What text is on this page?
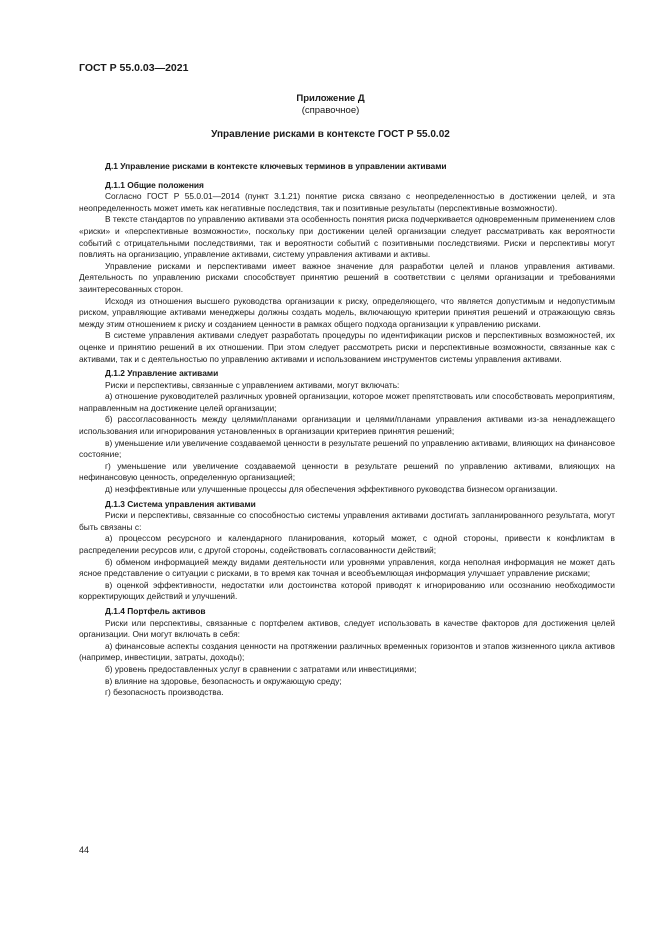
ГОСТ Р 55.0.03—2021
Приложение Д
(справочное)
Управление рисками в контексте ГОСТ Р 55.0.02

Д.1 Управление рисками в контексте ключевых терминов в управлении активами

Д.1.1 Общие положения

Согласно ГОСТ Р 55.0.01—2014 (пункт 3.1.21) понятие риска связано с неопределенностью в достижении целей, и эта неопределенность может иметь как негативные последствия, так и позитивные результаты (перспективные возможности).

В тексте стандартов по управлению активами эта особенность понятия риска подчеркивается одновременным применением слов «риски» и «перспективные возможности», поскольку при достижении целей организации следует рассматривать как вероятности событий с отрицательными последствиями, так и вероятности событий с позитивными последствиями. Риски и перспективы могут повлиять на организацию, управление активами, систему управления активами и активы.

Управление рисками и перспективами имеет важное значение для разработки целей и планов управления активами. Деятельность по управлению рисками способствует принятию решений в соответствии с целями организации и требованиями заинтересованных сторон.

Исходя из отношения высшего руководства организации к риску, определяющего, что является допустимым и недопустимым риском, управляющие активами менеджеры должны создать модель, включающую критерии принятия решений и отражающую связь между этим отношением к риску и созданием ценности в рамках общего подхода организации к управлению рисками.

В системе управления активами следует разработать процедуры по идентификации рисков и перспективных возможностей, их оценке и принятию решений в их отношении. При этом следует рассмотреть риски и перспективные возможности, связанные как с активами, так и с деятельностью по управлению активами и использованием инструментов системы управления активами.

Д.1.2 Управление активами

Риски и перспективы, связанные с управлением активами, могут включать:

а) отношение руководителей различных уровней организации, которое может препятствовать или способствовать мероприятиям, направленным на достижение целей организации;

б) рассогласованность между целями/планами организации и целями/планами управления активами из-за ненадлежащего использования или игнорирования установленных в организации критериев принятия решений;

в) уменьшение или увеличение создаваемой ценности в результате решений по управлению активами, влияющих на финансовое состояние;

г) уменьшение или увеличение создаваемой ценности в результате решений по управлению активами, влияющих на нефинансовую ценность, определенную организацией;

д) неэффективные или улучшенные процессы для обеспечения эффективного руководства бизнесом организации.

Д.1.3 Система управления активами

Риски и перспективы, связанные со способностью системы управления активами достигать запланированного результата, могут быть связаны с:

а) процессом ресурсного и календарного планирования, который может, с одной стороны, привести к конфликтам в распределении ресурсов или, с другой стороны, содействовать согласованности действий;

б) обменом информацией между видами деятельности или уровнями управления, когда неполная информация не может дать ясное представление о ситуации с рисками, в то время как точная и всеобъемлющая информация улучшает управление рисками;

в) оценкой эффективности, недостатки или достоинства которой приводят к игнорированию или осознанию необходимости корректирующих действий и улучшений.

Д.1.4 Портфель активов

Риски или перспективы, связанные с портфелем активов, следует использовать в качестве факторов для достижения целей организации. Они могут включать в себя:

а) финансовые аспекты создания ценности на протяжении различных временных горизонтов и этапов жизненного цикла активов (например, инвестиции, затраты, доходы);

б) уровень предоставленных услуг в сравнении с затратами или инвестициями;

в) влияние на здоровье, безопасность и окружающую среду;

г) безопасность производства.

44
